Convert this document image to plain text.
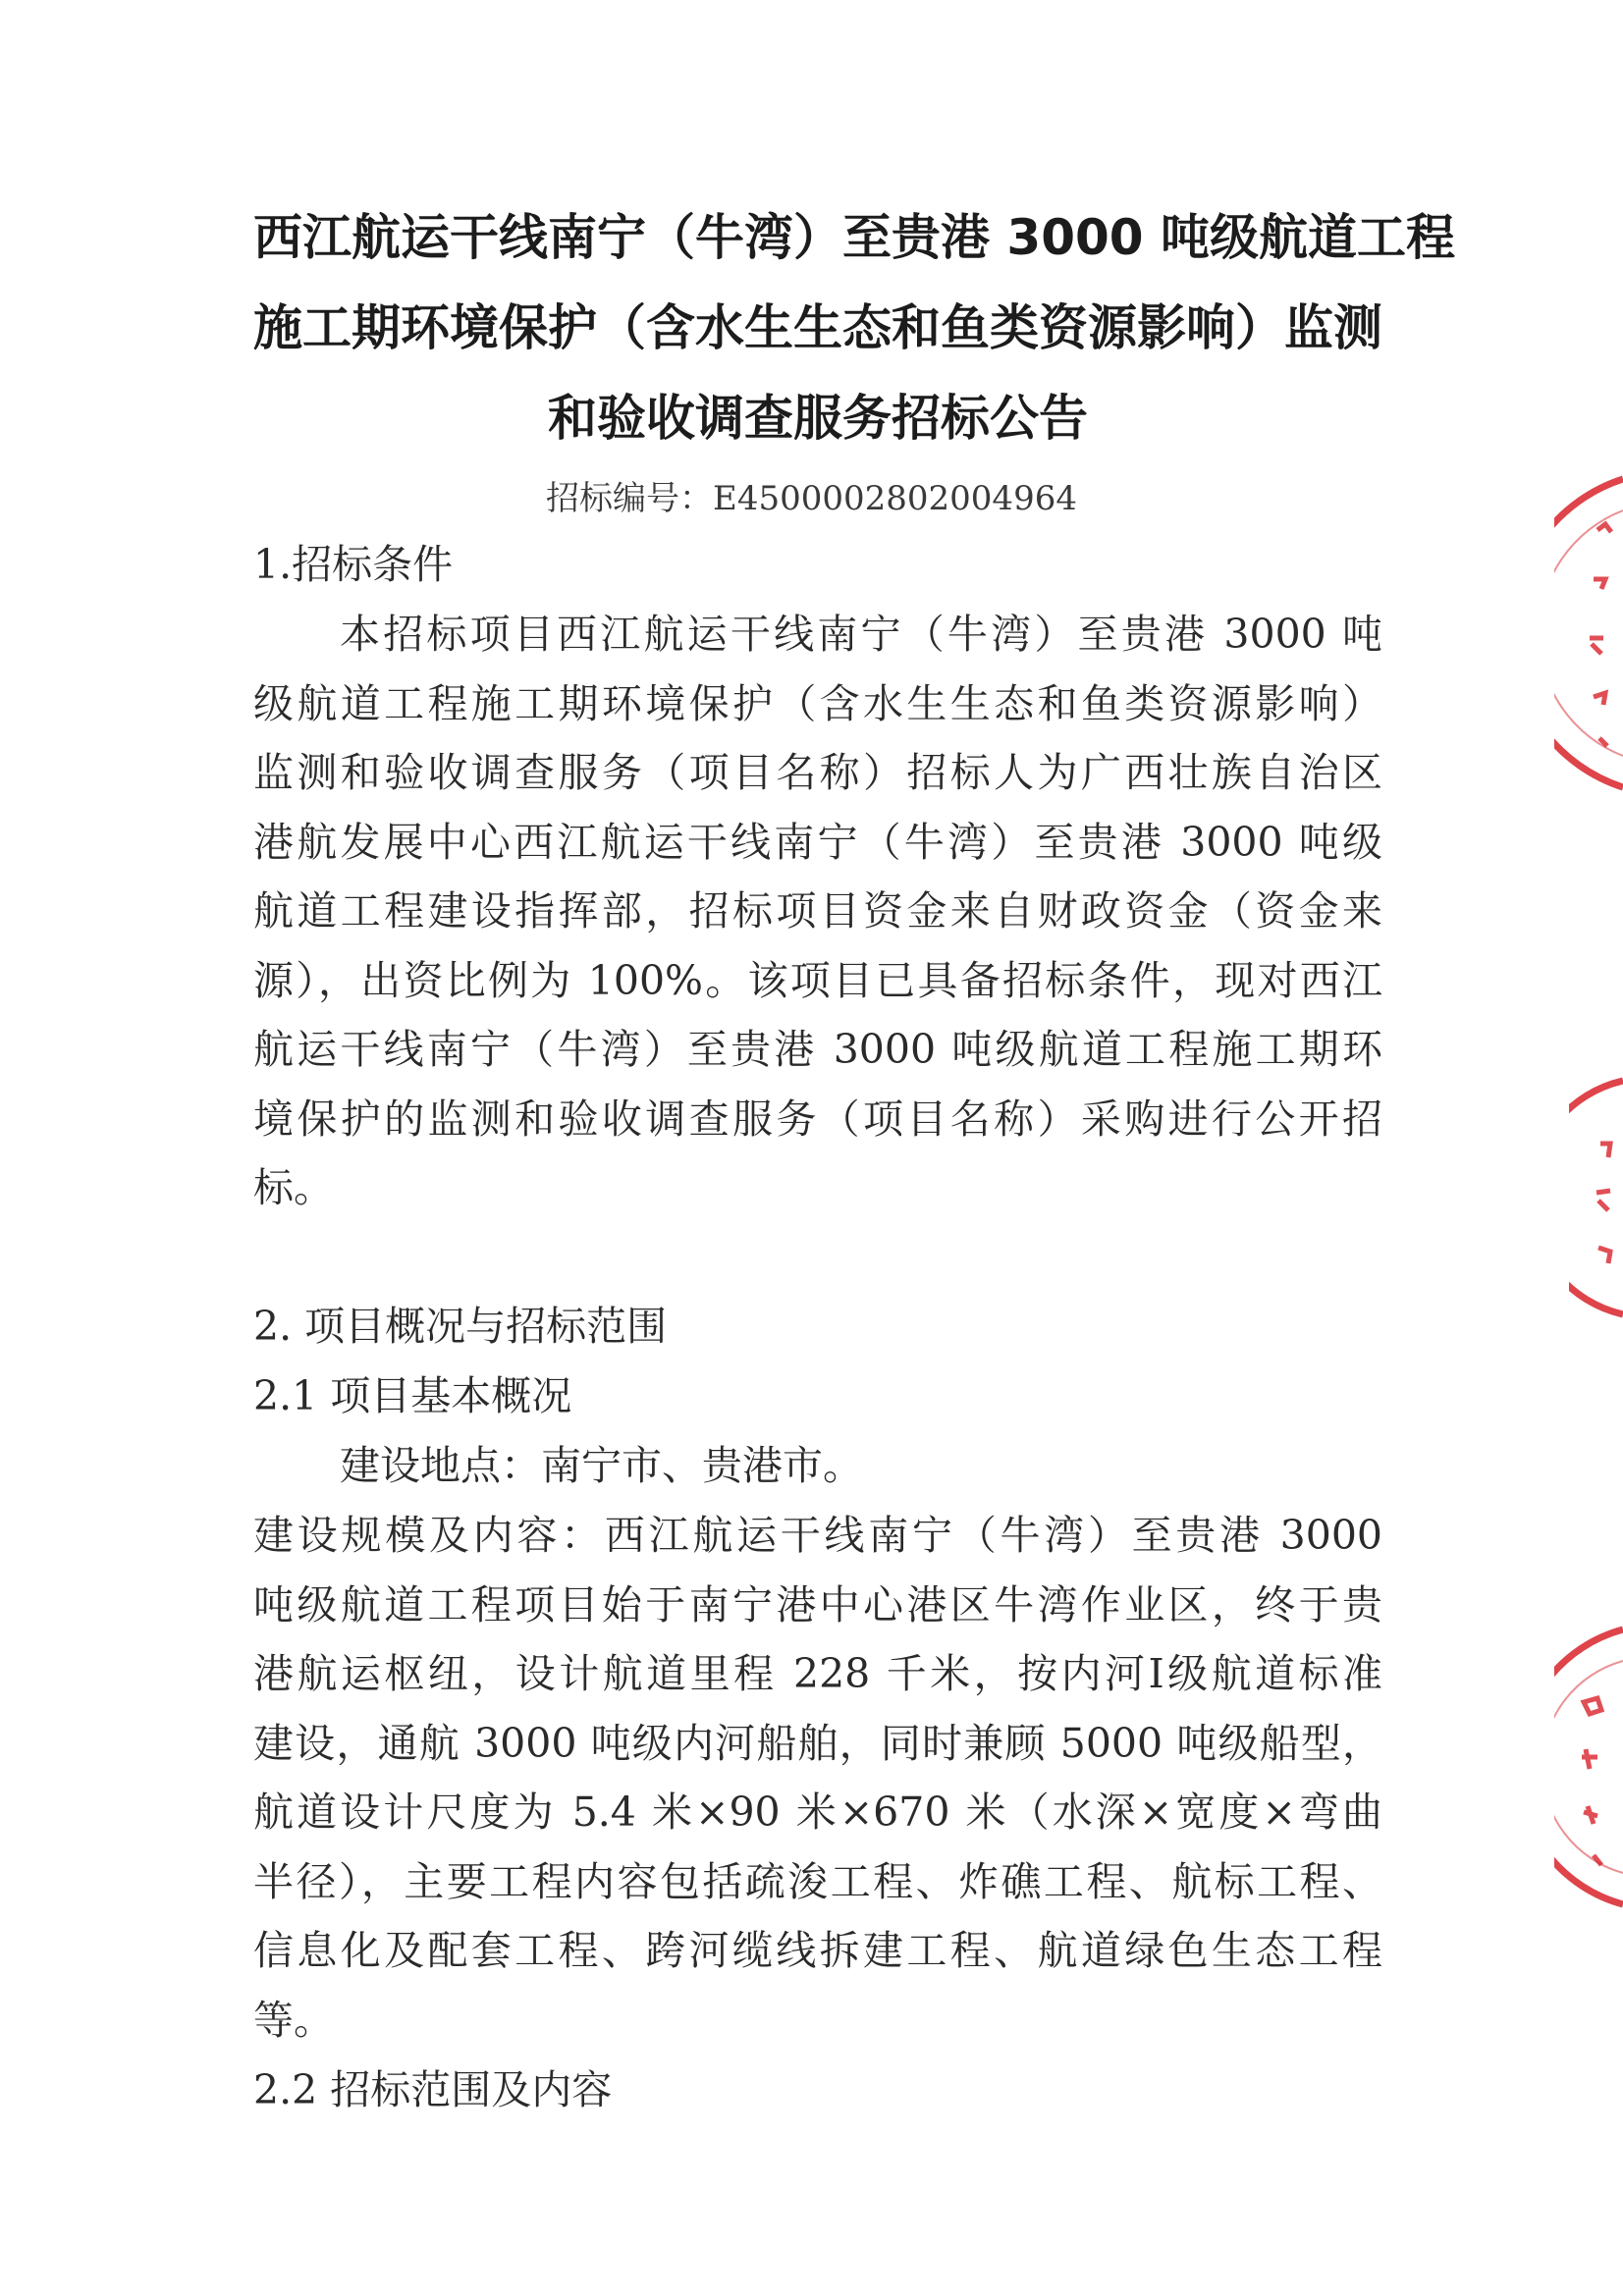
西江航运干线南宁（牛湾）至贵港 3000 吨级航道工程
施工期环境保护（含水生生态和鱼类资源影响）监测
和验收调查服务招标公告
招标编号：E4500002802004964
1.招标条件
本招标项目西江航运干线南宁（牛湾）至贵港 3000 吨
级航道工程施工期环境保护（含水生生态和鱼类资源影响）
监测和验收调查服务（项目名称）招标人为广西壮族自治区
港航发展中心西江航运干线南宁（牛湾）至贵港 3000 吨级
航道工程建设指挥部，招标项目资金来自财政资金（资金来
源），出资比例为 100%。该项目已具备招标条件，现对西江
航运干线南宁（牛湾）至贵港 3000 吨级航道工程施工期环
境保护的监测和验收调查服务（项目名称）采购进行公开招
标。
2. 项目概况与招标范围
2.1 项目基本概况
建设地点：南宁市、贵港市。
建设规模及内容：西江航运干线南宁（牛湾）至贵港 3000
吨级航道工程项目始于南宁港中心港区牛湾作业区，终于贵
港航运枢纽，设计航道里程 228 千米，按内河Ⅰ级航道标准
建设，通航 3000 吨级内河船舶，同时兼顾 5000 吨级船型，
航道设计尺度为 5.4 米×90 米×670 米（水深×宽度×弯曲
半径），主要工程内容包括疏浚工程、炸礁工程、航标工程、
信息化及配套工程、跨河缆线拆建工程、航道绿色生态工程
等。
2.2 招标范围及内容
